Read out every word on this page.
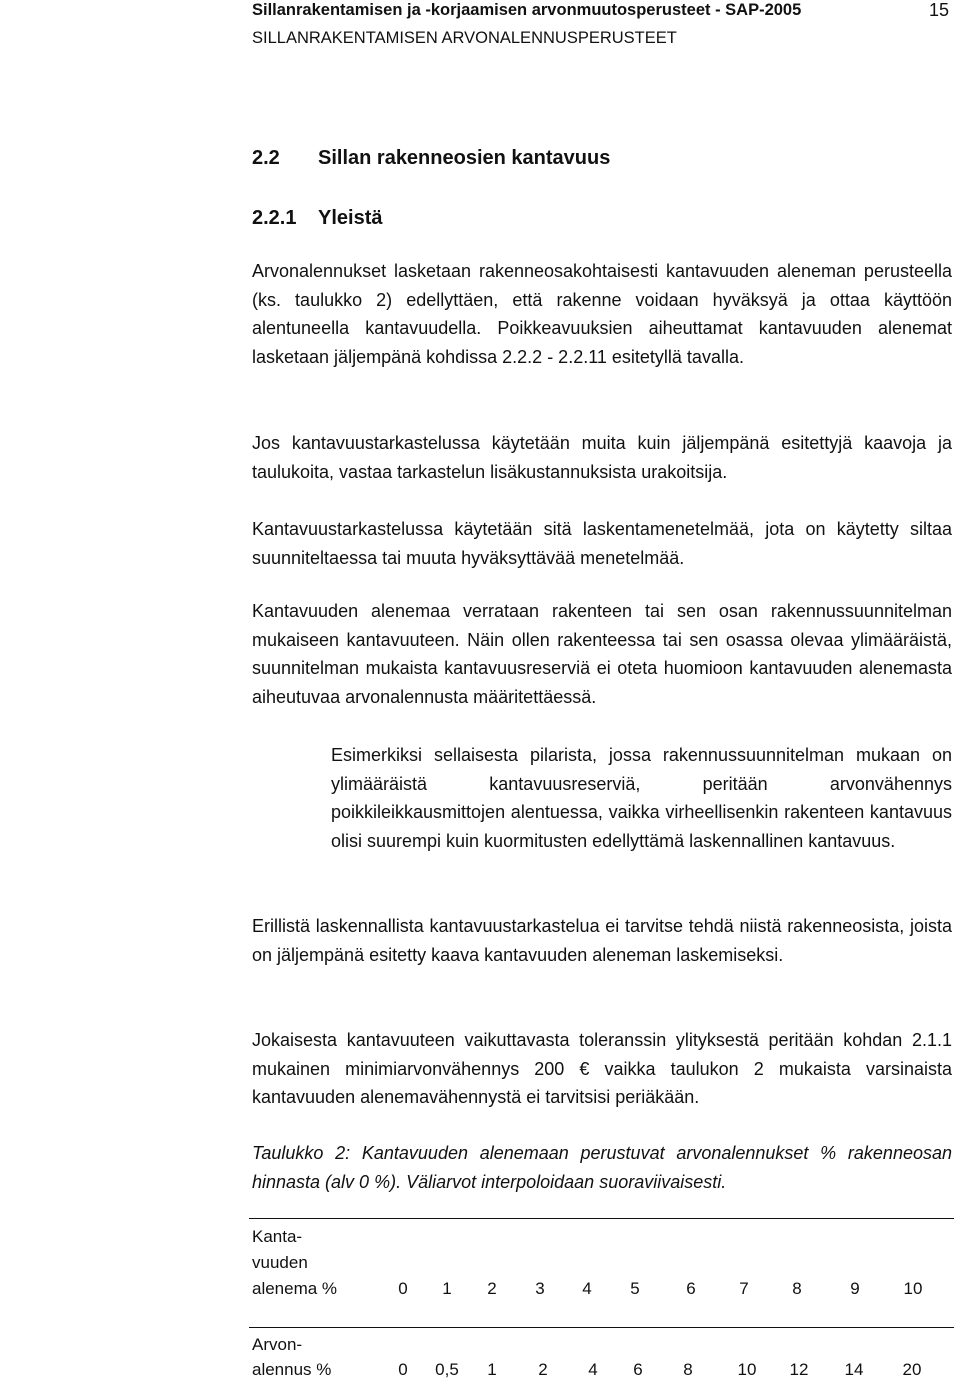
Sillanrakentamisen ja -korjaamisen arvonmuutosperusteet - SAP-2005	15
SILLANRAKENTAMISEN ARVONALENNUSPERUSTEET
2.2 Sillan rakenneosien kantavuus
2.2.1 Yleistä

Arvonalennukset lasketaan rakenneosakohtaisesti kantavuuden aleneman perusteella (ks. taulukko 2) edellyttäen, että rakenne voidaan hyväksyä ja ottaa käyttöön alentuneella kantavuudella. Poikkeavuuksien aiheuttamat kantavuuden alenemat lasketaan jäljempänä kohdissa 2.2.2 - 2.2.11 esitetyllä tavalla.

Jos kantavuustarkastelussa käytetään muita kuin jäljempänä esitettyjä kaavoja ja taulukoita, vastaa tarkastelun lisäkustannuksista urakoitsija.

Kantavuustarkastelussa käytetään sitä laskentamenetelmää, jota on käytetty siltaa suunniteltaessa tai muuta hyväksyttävää menetelmää.

Kantavuuden alenemaa verrataan rakenteen tai sen osan rakennussuunnitelman mukaiseen kantavuuteen. Näin ollen rakenteessa tai sen osassa olevaa ylimääräistä, suunnitelman mukaista kantavuusreserviä ei oteta huomioon kantavuuden alenemasta aiheutuvaa arvonalennusta määritettäessä.

Esimerkiksi sellaisesta pilarista, jossa rakennussuunnitelman mukaan on ylimääräistä kantavuusreserviä, peritään arvonvähennys poikkileikkausmittojen alentuessa, vaikka virheellisenkin rakenteen kantavuus olisi suurempi kuin kuormitusten edellyttämä laskennallinen kantavuus.

Erillistä laskennallista kantavuustarkastelua ei tarvitse tehdä niistä rakenneosista, joista on jäljempänä esitetty kaava kantavuuden aleneman laskemiseksi.

Jokaisesta kantavuuteen vaikuttavasta toleranssin ylityksestä peritään kohdan 2.1.1 mukainen minimiarvonvähennys 200 € vaikka taulukon 2 mukaista varsinaista kantavuuden alenemavähennystä ei tarvitsisi periäkään.

Taulukko 2: Kantavuuden alenemaan perustuvat arvonalennukset % rakenneosan hinnasta (alv 0 %). Väliarvot interpoloidaan suoraviivaisesti.

Kanta-
vuuden
alenema %	0	1	2	3	4	5	6	7	8	9	10
Arvon-
alennus %	0	0,5	1	2	4	6	8	10	12	14	20
